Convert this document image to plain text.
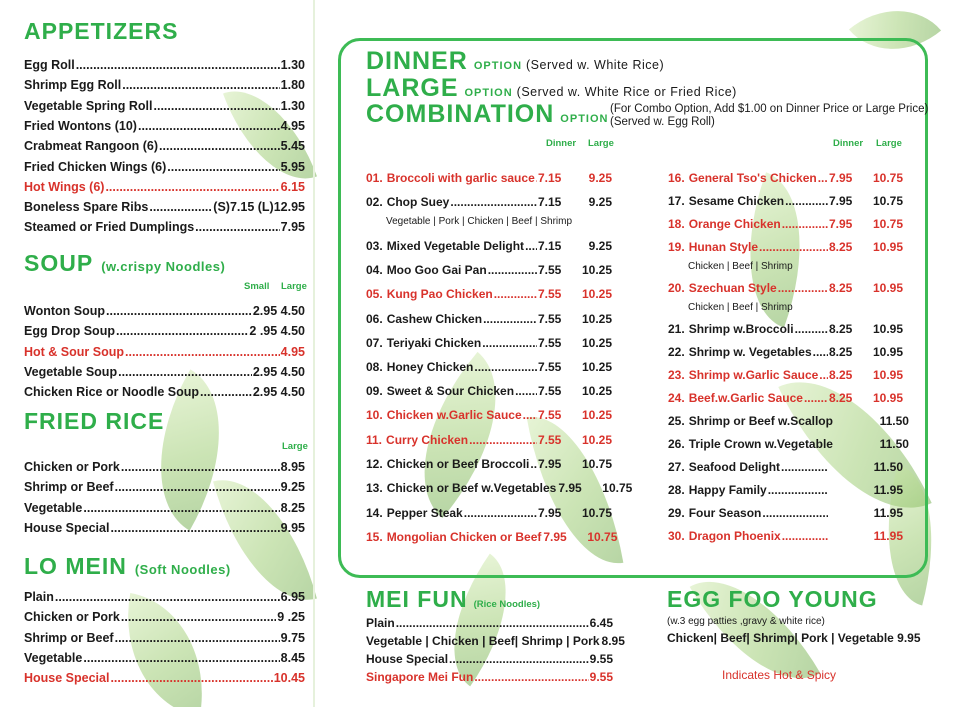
APPETIZERS
Egg Roll .....	1.30
Shrimp Egg Roll .....	1.80
Vegetable Spring Roll .....	1.30
Fried Wontons (10) .....	4.95
Crabmeat Rangoon (6) .....	5.45
Fried Chicken Wings (6) .....	5.95
Hot Wings (6) .....	6.15
Boneless Spare Ribs .....	(S)7.15 (L)12.95
Steamed or Fried Dumplings .....	7.95
SOUP (w.crispy Noodles)
Small Large
Wonton Soup .....	2.95 4.50
Egg Drop Soup .....	2 .95 4.50
Hot & Sour Soup .....	4.95
Vegetable Soup .....	2.95 4.50
Chicken Rice or Noodle Soup .....	2.95 4.50
FRIED RICE
Large
Chicken or Pork .....	8.95
Shrimp or Beef .....	9.25
Vegetable .....	8.25
House Special .....	9.95
LO MEIN (Soft Noodles)
Plain .....	6.95
Chicken or Pork .....	9 .25
Shrimp or Beef .....	9.75
Vegetable .....	8.45
House Special .....	10.45
DINNER OPTION (Served w. White Rice)
LARGE OPTION (Served w. White Rice or Fried Rice)
COMBINATION OPTION
(For Combo Option, Add $1.00 on Dinner Price or Large Price)
(Served w. Egg Roll)
Dinner Large	Dinner Large
01. Broccoli with garlic sauce ..... 7.15	9.25
02. Chop Suey .....	7.15	9.25
03. Mixed Vegetable Delight ..... 7.15	9.25
04. Moo Goo Gai Pan .....	7.55	10.25
05. Kung Pao Chicken .....	7.55	10.25
06. Cashew Chicken .....	7.55	10.25
07. Teriyaki Chicken .....	7.55	10.25
08. Honey Chicken .....	7.55	10.25
09. Sweet & Sour Chicken ..... 7.55	10.25
10. Chicken w.Garlic Sauce ..... 7.55	10.25
11. Curry Chicken .....	7.55	10.25
12. Chicken or Beef Broccoli ..... 7.95	10.75
13. Chicken or Beef w.Vegetables 7.95	10.75
14. Pepper Steak .....	7.95	10.75
15. Mongolian Chicken or Beef 7.95	10.75
Vegetable | Pork | Chicken | Beef | Shrimp
16. General Tso's Chicken ..... 7.95	10.75
17. Sesame Chicken .....	7.95	10.75
18. Orange Chicken .....	7.95	10.75
19. Hunan Style .....	8.25	10.95
20. Szechuan Style .....	8.25	10.95
21. Shrimp w.Broccoli .....	8.25	10.95
22. Shrimp w. Vegetables ..... 8.25	10.95
23. Shrimp w.Garlic Sauce ..... 8.25	10.95
24. Beef.w.Garlic Sauce ..... 8.25	10.95
25. Shrimp or Beef w.Scallop	11.50
26. Triple Crown w.Vegetable	11.50
27. Seafood Delight .....	11.50
28. Happy Family .....	11.95
29. Four Season .....	11.95
30. Dragon Phoenix .....	11.95
Chicken | Beef | Shrimp
Chicken | Beef | Shrimp
MEI FUN (Rice Noodles)
Plain .....	6.45
Vegetable | Chicken | Beef| Shrimp | Pork 8.95
House Special .....	9.55
Singapore Mei Fun .....	9.55
EGG FOO YOUNG
(w.3 egg patties ,gravy & white rice)
Chicken| Beef| Shrimp| Pork | Vegetable 9.95
Indicates Hot & Spicy
